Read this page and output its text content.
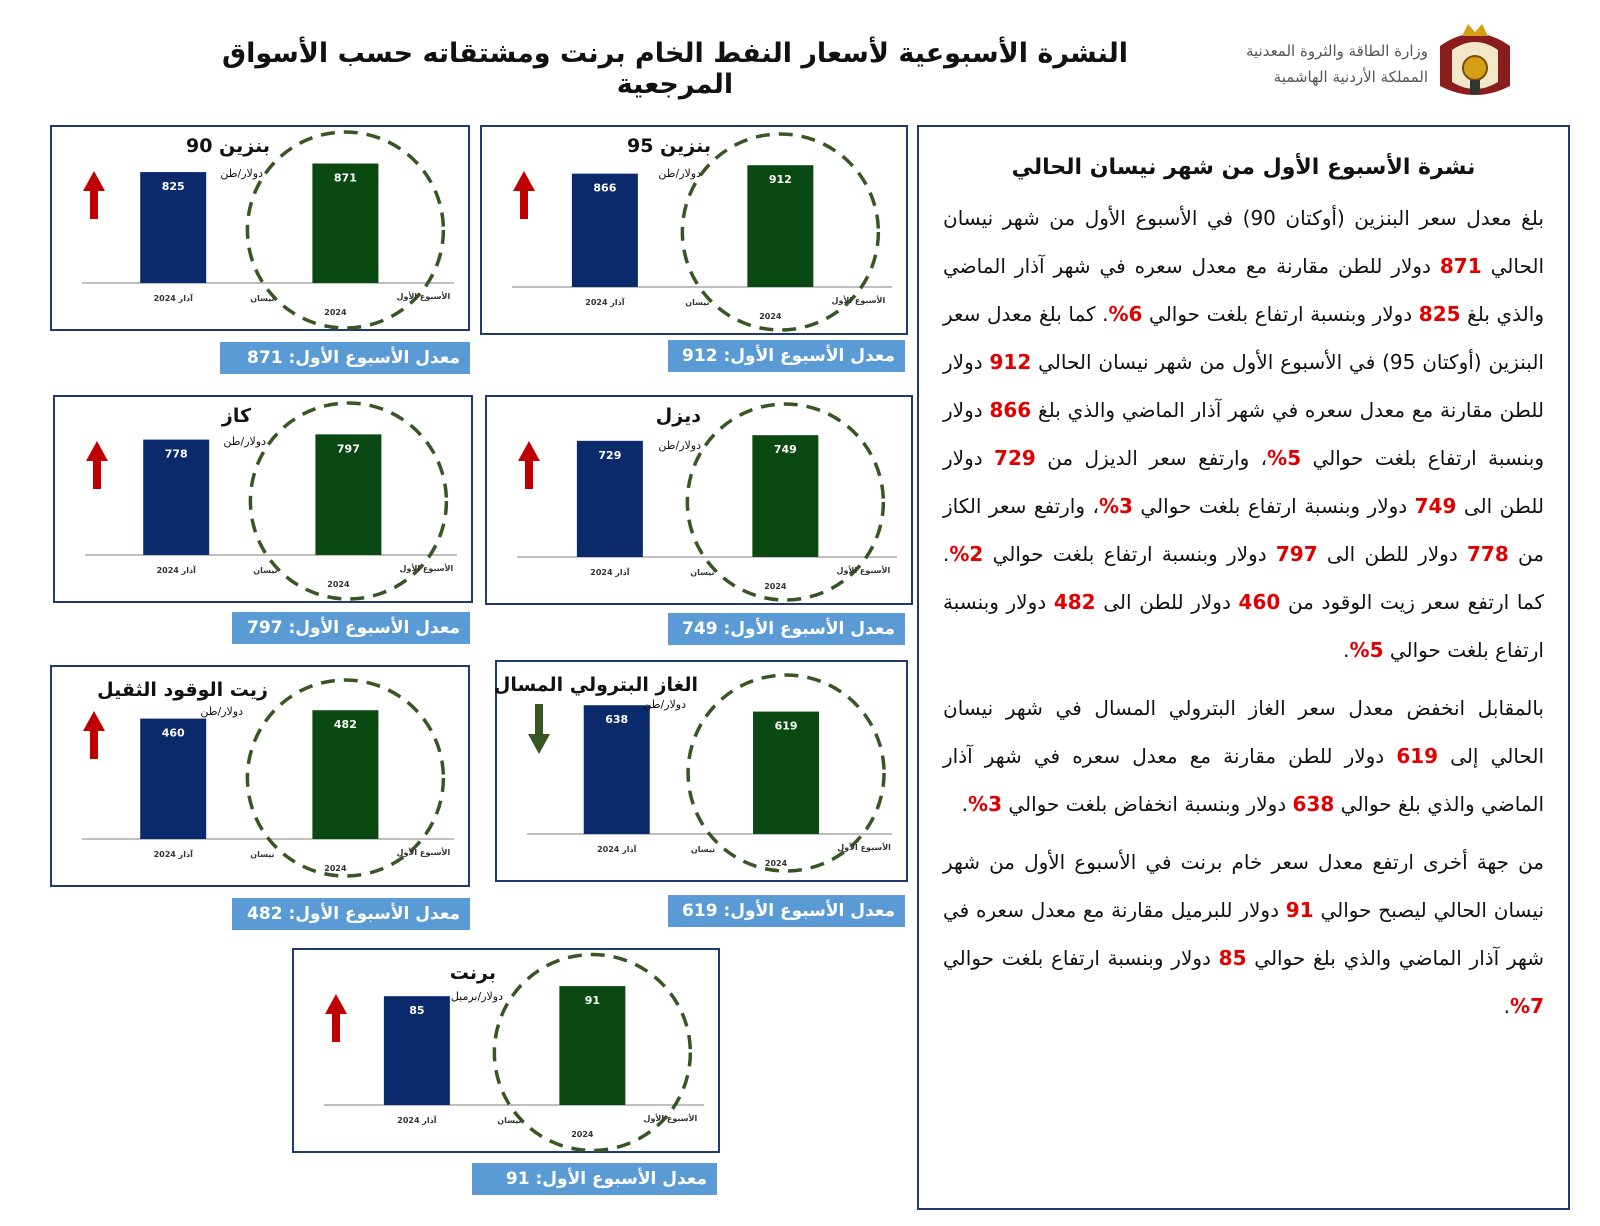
النشرة الأسبوعية لأسعار النفط الخام برنت ومشتقاته حسب الأسواق المرجعية
وزارة الطاقة والثروة المعدنية
المملكة الأردنية الهاشمية
866
912
آذار 2024	الأسبوع الأول
نيسان
2024
بنزين 95
دولار/طن
معدل الأسبوع الأول: 912
825
871
آذار 2024	الأسبوع الأول
نيسان
2024
بنزين 90
دولار/طن
معدل الأسبوع الأول: 871
729	749
آذار 2024	الأسبوع الأول
نيسان
2024
ديزل
دولار/طن
معدل الأسبوع الأول: 749
778	797
آذار 2024	الأسبوع الأول
نيسان
2024
كاز
دولار/طن
معدل الأسبوع الأول: 797
638	619
آذار 2024	الأسبوع الأول
نيسان
2024
الغاز البترولي المسال
دولار/طن
معدل الأسبوع الأول: 619
460
482
آذار 2024	الأسبوع الأول
نيسان
2024
زيت الوقود الثقيل
دولار/طن
معدل الأسبوع الأول: 482
85
91
آذار 2024	الأسبوع الأول
نيسان
2024
برنت
دولار/برميل
معدل الأسبوع الأول: 91
نشرة الأسبوع الأول من شهر نيسان الحالي

بلغ معدل سعر البنزين (أوكتان 90) في الأسبوع الأول من شهر نيسان الحالي 871 دولار للطن مقارنة مع معدل سعره في شهر آذار الماضي والذي بلغ 825 دولار وبنسبة ارتفاع بلغت حوالي 6%. كما بلغ معدل سعر البنزين (أوكتان 95) في الأسبوع الأول من شهر نيسان الحالي 912 دولار للطن مقارنة مع معدل سعره في شهر آذار الماضي والذي بلغ 866 دولار وبنسبة ارتفاع بلغت حوالي 5%، وارتفع سعر الديزل من 729 دولار للطن الى 749 دولار وبنسبة ارتفاع بلغت حوالي 3%، وارتفع سعر الكاز من 778 دولار للطن الى 797 دولار وبنسبة ارتفاع بلغت حوالي 2%. كما ارتفع سعر زيت الوقود من 460 دولار للطن الى 482 دولار وبنسبة ارتفاع بلغت حوالي 5%.

بالمقابل انخفض معدل سعر الغاز البترولي المسال في شهر نيسان الحالي إلى 619 دولار للطن مقارنة مع معدل سعره في شهر آذار الماضي والذي بلغ حوالي 638 دولار وبنسبة انخفاض بلغت حوالي 3%.

من جهة أخرى ارتفع معدل سعر خام برنت في الأسبوع الأول من شهر نيسان الحالي ليصبح حوالي 91 دولار للبرميل مقارنة مع معدل سعره في شهر آذار الماضي والذي بلغ حوالي 85 دولار وبنسبة ارتفاع بلغت حوالي 7%.
